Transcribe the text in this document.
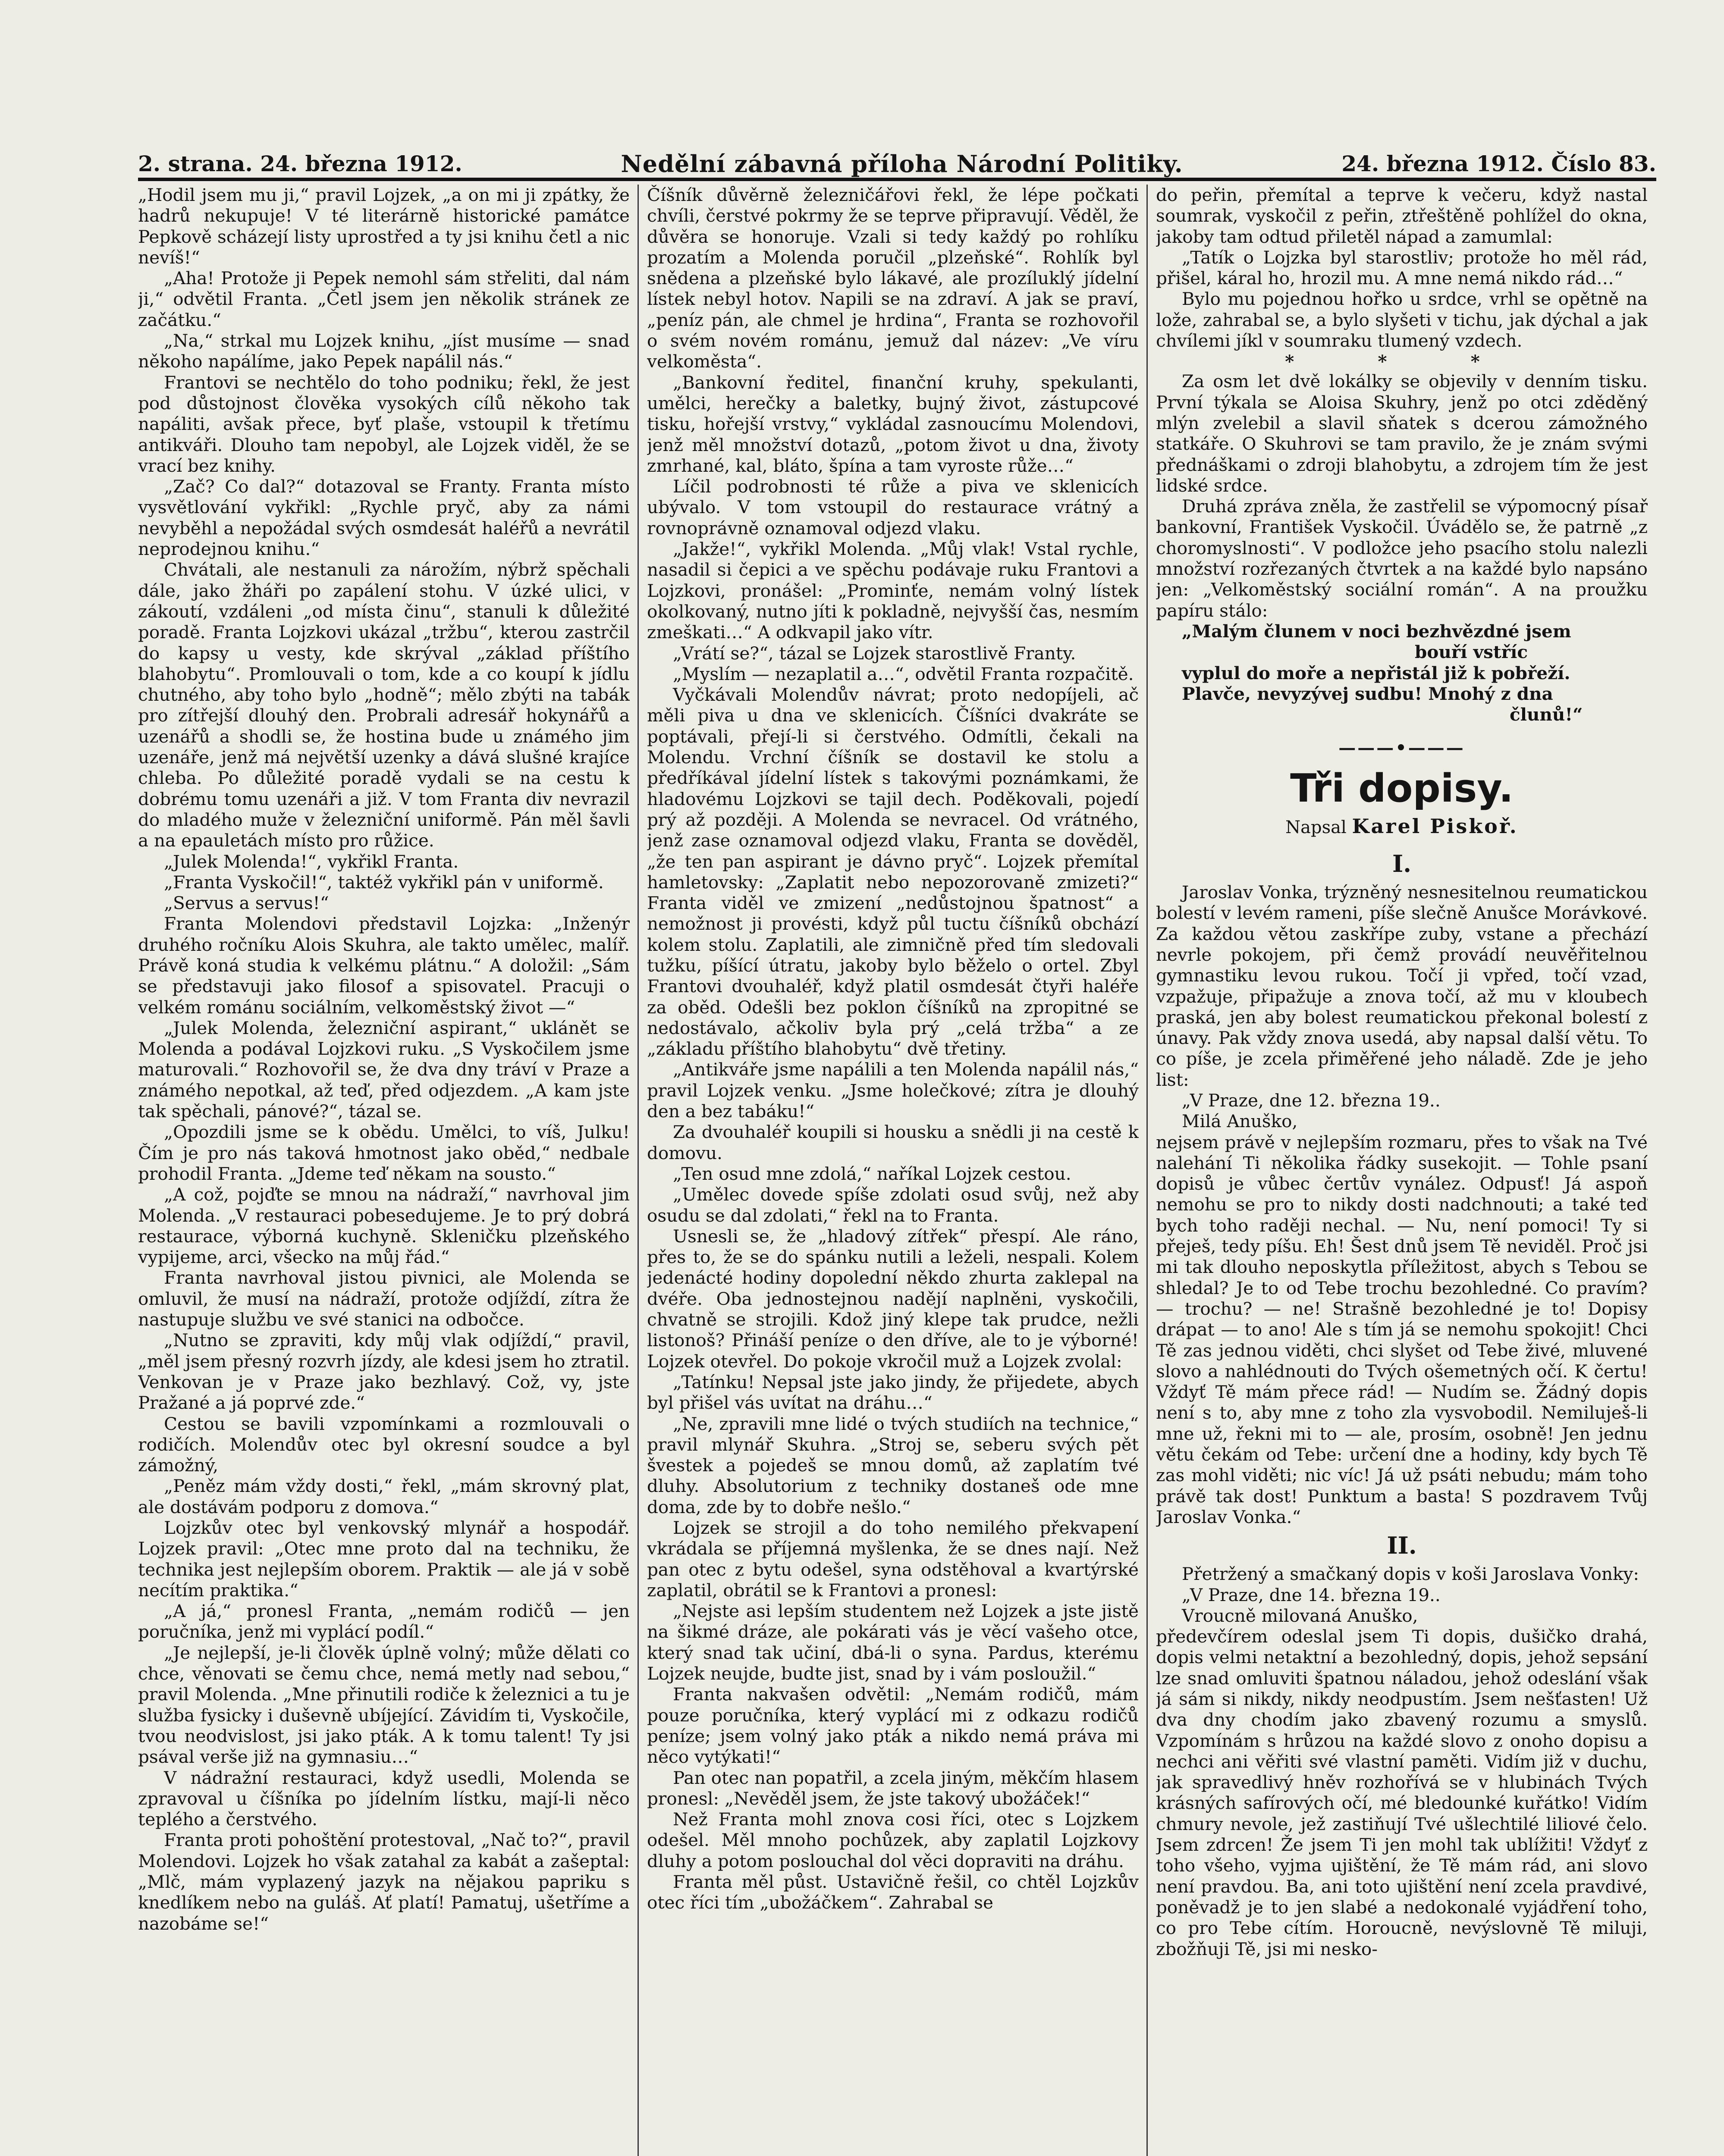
2. strana. 24. března 1912.	Nedělní zábavná příloha Národní Politiky.	24. března 1912. Číslo 83.

„Hodil jsem mu ji,“ pravil Lojzek, „a on mi ji zpátky, že hadrů nekupuje! V té literárně historické památce Pepkově scházejí listy uprostřed a ty jsi knihu četl a nic nevíš!“

„Aha! Protože ji Pepek nemohl sám střeliti, dal nám ji,“ odvětil Franta. „Četl jsem jen několik stránek ze začátku.“

„Na,“ strkal mu Lojzek knihu, „jíst musíme — snad někoho napálíme, jako Pepek napálil nás.“

Frantovi se nechtělo do toho podniku; řekl, že jest pod důstojnost člověka vysokých cílů někoho tak napáliti, avšak přece, byť plaše, vstoupil k třetímu antikváři. Dlouho tam nepobyl, ale Lojzek viděl, že se vrací bez knihy.

„Zač? Co dal?“ dotazoval se Franty. Franta místo vysvětlování vykřikl: „Rychle pryč, aby za námi nevyběhl a nepožádal svých osmdesát haléřů a nevrátil neprodejnou knihu.“

Chvátali, ale nestanuli za nárožím, nýbrž spěchali dále, jako žháři po zapálení stohu. V úzké ulici, v zákoutí, vzdáleni „od místa činu“, stanuli k důležité poradě. Franta Lojzkovi ukázal „tržbu“, kterou zastrčil do kapsy u vesty, kde skrýval „základ příštího blahobytu“. Promlouvali o tom, kde a co koupí k jídlu chutného, aby toho bylo „hodně“; mělo zbýti na tabák pro zítřejší dlouhý den. Probrali adresář hokynářů a uzenářů a shodli se, že hostina bude u známého jim uzenáře, jenž má největší uzenky a dává slušné krajíce chleba. Po důležité poradě vydali se na cestu k dobrému tomu uzenáři a již. V tom Franta div nevrazil do mladého muže v železniční uniformě. Pán měl šavli a na epauletách místo pro růžice.

„Julek Molenda!“, vykřikl Franta.

„Franta Vyskočil!“, taktéž vykřikl pán v uniformě.

„Servus a servus!“

Franta Molendovi představil Lojzka: „Inženýr druhého ročníku Alois Skuhra, ale takto umělec, malíř. Právě koná studia k velkému plátnu.“ A doložil: „Sám se představuji jako filosof a spisovatel. Pracuji o velkém románu sociálním, velkoměstský život —“

„Julek Molenda, železniční aspirant,“ uklánět se Molenda a podával Lojzkovi ruku. „S Vyskočilem jsme maturovali.“ Rozhovořil se, že dva dny tráví v Praze a známého nepotkal, až teď, před odjezdem. „A kam jste tak spěchali, pánové?“, tázal se.

„Opozdili jsme se k obědu. Umělci, to víš, Julku! Čím je pro nás taková hmotnost jako oběd,“ nedbale prohodil Franta. „Jdeme teď někam na sousto.“

„A což, pojďte se mnou na nádraží,“ navrhoval jim Molenda. „V restauraci pobesedujeme. Je to prý dobrá restaurace, výborná kuchyně. Skleničku plzeňského vypijeme, arci, všecko na můj řád.“

Franta navrhoval jistou pivnici, ale Molenda se omluvil, že musí na nádraží, protože odjíždí, zítra že nastupuje službu ve své stanici na odbočce.

„Nutno se zpraviti, kdy můj vlak odjíždí,“ pravil, „měl jsem přesný rozvrh jízdy, ale kdesi jsem ho ztratil. Venkovan je v Praze jako bezhlavý. Což, vy, jste Pražané a já poprvé zde.“

Cestou se bavili vzpomínkami a rozmlouvali o rodičích. Molendův otec byl okresní soudce a byl zámožný,

„Peněz mám vždy dosti,“ řekl, „mám skrovný plat, ale dostávám podporu z domova.“

Lojzkův otec byl venkovský mlynář a hospodář. Lojzek pravil: „Otec mne proto dal na techniku, že technika jest nejlepším oborem. Praktik — ale já v sobě necítím praktika.“

„A já,“ pronesl Franta, „nemám rodičů — jen poručníka, jenž mi vyplácí podíl.“

„Je nejlepší, je-li člověk úplně volný; může dělati co chce, věnovati se čemu chce, nemá metly nad sebou,“ pravil Molenda. „Mne přinutili rodiče k železnici a tu je služba fysicky i duševně ubíjející. Závidím ti, Vyskočile, tvou neodvislost, jsi jako pták. A k tomu talent! Ty jsi psával verše již na gymnasiu…“

V nádražní restauraci, když usedli, Molenda se zpravoval u číšníka po jídelním lístku, mají-li něco teplého a čerstvého.

Franta proti pohoštění protestoval, „Nač to?“, pravil Molendovi. Lojzek ho však zatahal za kabát a zašeptal: „Mlč, mám vyplazený jazyk na nějakou papriku s knedlíkem nebo na guláš. Ať platí! Pamatuj, ušetříme a nazobáme se!“

Číšník důvěrně železničářovi řekl, že lépe počkati chvíli, čerstvé pokrmy že se teprve připravují. Věděl, že důvěra se honoruje. Vzali si tedy každý po rohlíku prozatím a Molenda poručil „plzeňské“. Rohlík byl snědena a plzeňské bylo lákavé, ale prozíluklý jídelní lístek nebyl hotov. Napili se na zdraví. A jak se praví, „peníz pán, ale chmel je hrdina“, Franta se rozhovořil o svém novém románu, jemuž dal název: „Ve víru velkoměsta“.

„Bankovní ředitel, finanční kruhy, spekulanti, umělci, herečky a baletky, bujný život, zástupcové tisku, hořejší vrstvy,“ vykládal zasnoucímu Molendovi, jenž měl množství dotazů, „potom život u dna, životy zmrhané, kal, bláto, špína a tam vyroste růže…“

Líčil podrobnosti té růže a piva ve sklenicích ubývalo. V tom vstoupil do restaurace vrátný a rovnoprávně oznamoval odjezd vlaku.

„Jakže!“, vykřikl Molenda. „Můj vlak! Vstal rychle, nasadil si čepici a ve spěchu podávaje ruku Frantovi a Lojzkovi, pronášel: „Prominťe, nemám volný lístek okolkovaný, nutno jíti k pokladně, nejvyšší čas, nesmím zmeškati…“ A odkvapil jako vítr.

„Vrátí se?“, tázal se Lojzek starostlivě Franty.

„Myslím — nezaplatil a…“, odvětil Franta rozpačitě.

Vyčkávali Molendův návrat; proto nedopíjeli, ač měli piva u dna ve sklenicích. Číšníci dvakráte se poptávali, přejí-li si čerstvého. Odmítli, čekali na Molendu. Vrchní číšník se dostavil ke stolu a předříkával jídelní lístek s takovými poznámkami, že hladovému Lojzkovi se tajil dech. Poděkovali, pojedí prý až později. A Molenda se nevracel. Od vrátného, jenž zase oznamoval odjezd vlaku, Franta se dověděl, „že ten pan aspirant je dávno pryč“. Lojzek přemítal hamletovsky: „Zaplatit nebo nepozorovaně zmizeti?“ Franta viděl ve zmizení „nedůstojnou špatnost“ a nemožnost ji provésti, když půl tuctu číšníků obchází kolem stolu. Zaplatili, ale zimničně před tím sledovali tužku, píšící útratu, jakoby bylo běželo o ortel. Zbyl Frantovi dvouhaléř, když platil osmdesát čtyři haléře za oběd. Odešli bez poklon číšníků na zpropitné se nedostávalo, ačkoliv byla prý „celá tržba“ a ze „základu příštího blahobytu“ dvě třetiny.

„Antikváře jsme napálili a ten Molenda napálil nás,“ pravil Lojzek venku. „Jsme holečkové; zítra je dlouhý den a bez tabáku!“

Za dvouhaléř koupili si housku a snědli ji na cestě k domovu.

„Ten osud mne zdolá,“ naříkal Lojzek cestou.

„Umělec dovede spíše zdolati osud svůj, než aby osudu se dal zdolati,“ řekl na to Franta.

Usnesli se, že „hladový zítřek“ přespí. Ale ráno, přes to, že se do spánku nutili a leželi, nespali. Kolem jedenácté hodiny dopolední někdo zhurta zaklepal na dvéře. Oba jednostejnou nadějí naplněni, vyskočili, chvatně se strojili. Kdož jiný klepe tak prudce, nežli listonoš? Přináší peníze o den dříve, ale to je výborné! Lojzek otevřel. Do pokoje vkročil muž a Lojzek zvolal:

„Tatínku! Nepsal jste jako jindy, že přijedete, abych byl přišel vás uvítat na dráhu…“

„Ne, zpravili mne lidé o tvých studiích na technice,“ pravil mlynář Skuhra. „Stroj se, seberu svých pět švestek a pojedeš se mnou domů, až zaplatím tvé dluhy. Absolutorium z techniky dostaneš ode mne doma, zde by to dobře nešlo.“

Lojzek se strojil a do toho nemilého překvapení vkrádala se příjemná myšlenka, že se dnes nají. Než pan otec z bytu odešel, syna odstěhoval a kvartýrské zaplatil, obrátil se k Frantovi a pronesl:

„Nejste asi lepším studentem než Lojzek a jste jistě na šikmé dráze, ale pokárati vás je věcí vašeho otce, který snad tak učiní, dbá-li o syna. Pardus, kterému Lojzek neujde, budte jist, snad by i vám posloužil.“

Franta nakvašen odvětil: „Nemám rodičů, mám pouze poručníka, který vyplácí mi z odkazu rodičů peníze; jsem volný jako pták a nikdo nemá práva mi něco vytýkati!“

Pan otec nan popatřil, a zcela jiným, měkčím hlasem pronesl: „Nevěděl jsem, že jste takový ubožáček!“

Než Franta mohl znova cosi říci, otec s Lojzkem odešel. Měl mnoho pochůzek, aby zaplatil Lojzkovy dluhy a potom poslouchal dol věci dopraviti na dráhu.

Franta měl půst. Ustavičně řešil, co chtěl Lojzkův otec říci tím „ubožáčkem“. Zahrabal se

do peřin, přemítal a teprve k večeru, když nastal soumrak, vyskočil z peřin, ztřeštěně pohlížel do okna, jakoby tam odtud přiletěl nápad a zamumlal:

„Tatík o Lojzka byl starostliv; protože ho měl rád, přišel, káral ho, hrozil mu. A mne nemá nikdo rád…“

Bylo mu pojednou hořko u srdce, vrhl se opětně na lože, zahrabal se, a bylo slyšeti v tichu, jak dýchal a jak chvílemi jíkl v soumraku tlumený vzdech.

* * *

Za osm let dvě lokálky se objevily v denním tisku. První týkala se Aloisa Skuhry, jenž po otci zděděný mlýn zvelebil a slavil sňatek s dcerou zámožného statkáře. O Skuhrovi se tam pravilo, že je znám svými přednáškami o zdroji blahobytu, a zdrojem tím že jest lidské srdce.

Druhá zpráva zněla, že zastřelil se výpomocný písař bankovní, František Vyskočil. Úvádělo se, že patrně „z choromyslnosti“. V podložce jeho psacího stolu nalezli množství rozřezaných čtvrtek a na každé bylo napsáno jen: „Velkoměstský sociální román“. A na proužku papíru stálo:

„Malým člunem v noci bezhvězdné jsem

bouří vstříc

vyplul do moře a nepřistál již k pobřeží.

Plavče, nevyzývej sudbu! Mnohý z dna

člunů!“

———•———
Tři dopisy.
Napsal Karel Piskoř.
I.

Jaroslav Vonka, trýzněný nesnesitelnou reumatickou bolestí v levém rameni, píše slečně Anušce Morávkové. Za každou větou zaskřípe zuby, vstane a přechází nevrle pokojem, při čemž provádí neuvěřitelnou gymnastiku levou rukou. Točí ji vpřed, točí vzad, vzpažuje, připažuje a znova točí, až mu v kloubech praská, jen aby bolest reumatickou překonal bolestí z únavy. Pak vždy znova usedá, aby napsal další větu. To co píše, je zcela přiměřené jeho náladě. Zde je jeho list:

„V Praze, dne 12. března 19..

Milá Anuško,

nejsem právě v nejlepším rozmaru, přes to však na Tvé nalehání Ti několika řádky susekojit. — Tohle psaní dopisů je vůbec čertův vynález. Odpusť! Já aspoň nemohu se pro to nikdy dosti nadchnouti; a také teď bych toho raději nechal. — Nu, není pomoci! Ty si přeješ, tedy píšu. Eh! Šest dnů jsem Tě neviděl. Proč jsi mi tak dlouho neposkytla příležitost, abych s Tebou se shledal? Je to od Tebe trochu bezohledné. Co pravím? — trochu? — ne! Strašně bezohledné je to! Dopisy drápat — to ano! Ale s tím já se nemohu spokojit! Chci Tě zas jednou viděti, chci slyšet od Tebe živé, mluvené slovo a nahlédnouti do Tvých ošemetných očí. K čertu! Vždyť Tě mám přece rád! — Nudím se. Žádný dopis není s to, aby mne z toho zla vysvobodil. Nemiluješ-li mne už, řekni mi to — ale, prosím, osobně! Jen jednu větu čekám od Tebe: určení dne a hodiny, kdy bych Tě zas mohl viděti; nic víc! Já už psáti nebudu; mám toho právě tak dost! Punktum a basta! S pozdravem Tvůj Jaroslav Vonka.“

II.

Přetržený a smačkaný dopis v koši Jaroslava Vonky:

„V Praze, dne 14. března 19..

Vroucně milovaná Anuško,

předevčírem odeslal jsem Ti dopis, dušičko drahá, dopis velmi netaktní a bezohledný, dopis, jehož sepsání lze snad omluviti špatnou náladou, jehož odeslání však já sám si nikdy, nikdy neodpustím. Jsem nešťasten! Už dva dny chodím jako zbavený rozumu a smyslů. Vzpomínám s hrůzou na každé slovo z onoho dopisu a nechci ani věřiti své vlastní paměti. Vidím již v duchu, jak spravedlivý hněv rozhořívá se v hlubinách Tvých krásných safírových očí, mé bledounké kuřátko! Vidím chmury nevole, jež zastiňují Tvé ušlechtilé liliové čelo. Jsem zdrcen! Že jsem Ti jen mohl tak ublížiti! Vždyť z toho všeho, vyjma ujištění, že Tě mám rád, ani slovo není pravdou. Ba, ani toto ujištění není zcela pravdivé, poněvadž je to jen slabé a nedokonalé vyjádření toho, co pro Tebe cítím. Horoucně, nevýslovně Tě miluji, zbožňuji Tě, jsi mi nesko-
